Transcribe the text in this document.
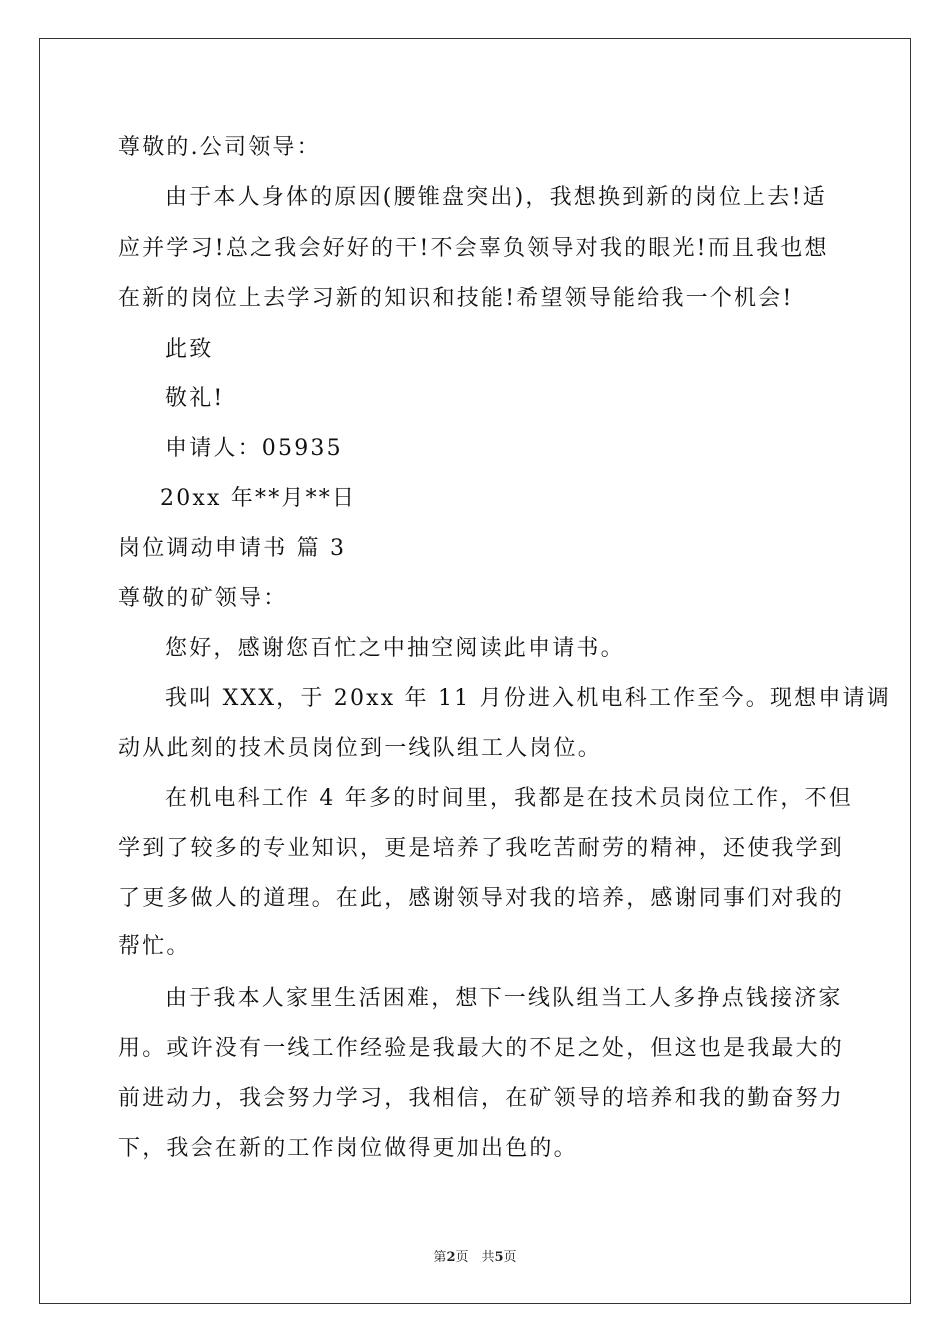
尊敬的.公司领导：
由于本人身体的原因(腰锥盘突出)，我想换到新的岗位上去!适
应并学习!总之我会好好的干!不会辜负领导对我的眼光!而且我也想
在新的岗位上去学习新的知识和技能!希望领导能给我一个机会!
此致
敬礼!
申请人：05935
20xx 年**月**日
岗位调动申请书 篇 3
尊敬的矿领导：
您好，感谢您百忙之中抽空阅读此申请书。
我叫 XXX，于 20xx 年 11 月份进入机电科工作至今。现想申请调
动从此刻的技术员岗位到一线队组工人岗位。
在机电科工作 4 年多的时间里，我都是在技术员岗位工作，不但
学到了较多的专业知识，更是培养了我吃苦耐劳的精神，还使我学到
了更多做人的道理。在此，感谢领导对我的培养，感谢同事们对我的
帮忙。
由于我本人家里生活困难，想下一线队组当工人多挣点钱接济家
用。或许没有一线工作经验是我最大的不足之处，但这也是我最大的
前进动力，我会努力学习，我相信，在矿领导的培养和我的勤奋努力
下，我会在新的工作岗位做得更加出色的。
第2页　共5页
